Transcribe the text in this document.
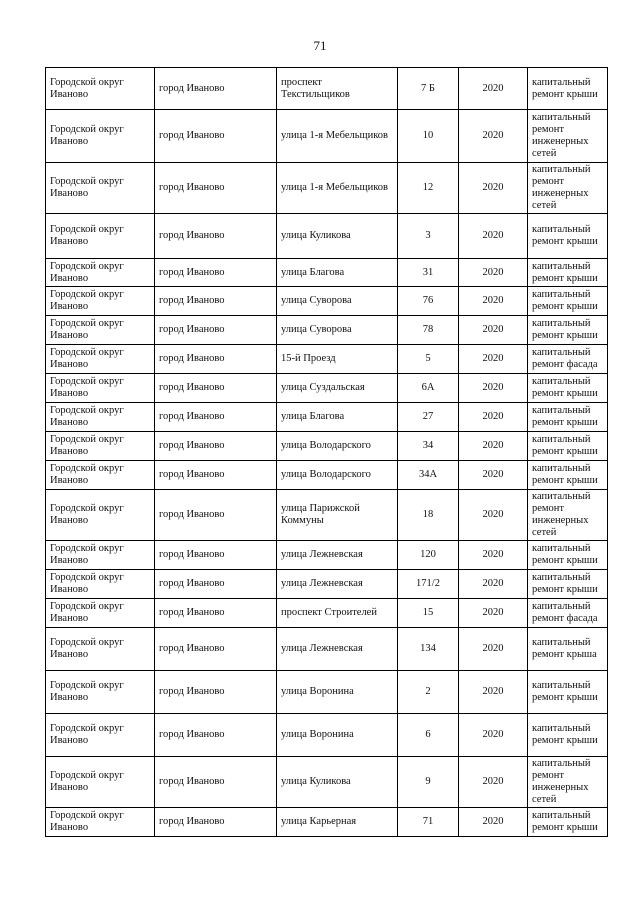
71
Городской округ Иваново	город Иваново	проспект Текстильщиков	7 Б	2020	капитальный ремонт крыши
Городской округ Иваново	город Иваново	улица 1-я Мебельщиков	10	2020	капитальный ремонт инженерных сетей
Городской округ Иваново	город Иваново	улица 1-я Мебельщиков	12	2020	капитальный ремонт инженерных сетей
Городской округ Иваново	город Иваново	улица Куликова	3	2020	капитальный ремонт крыши
Городской округ Иваново	город Иваново	улица Благова	31	2020	капитальный ремонт крыши
Городской округ Иваново	город Иваново	улица Суворова	76	2020	капитальный ремонт крыши
Городской округ Иваново	город Иваново	улица Суворова	78	2020	капитальный ремонт крыши
Городской округ Иваново	город Иваново	15-й Проезд	5	2020	капитальный ремонт фасада
Городской округ Иваново	город Иваново	улица Суздальская	6А	2020	капитальный ремонт крыши
Городской округ Иваново	город Иваново	улица Благова	27	2020	капитальный ремонт крыши
Городской округ Иваново	город Иваново	улица Володарского	34	2020	капитальный ремонт крыши
Городской округ Иваново	город Иваново	улица Володарского	34А	2020	капитальный ремонт крыши
Городской округ Иваново	город Иваново	улица Парижской Коммуны	18	2020	капитальный ремонт инженерных сетей
Городской округ Иваново	город Иваново	улица Лежневская	120	2020	капитальный ремонт крыши
Городской округ Иваново	город Иваново	улица Лежневская	171/2	2020	капитальный ремонт крыши
Городской округ Иваново	город Иваново	проспект Строителей	15	2020	капитальный ремонт фасада
Городской округ Иваново	город Иваново	улица Лежневская	134	2020	капитальный ремонт крыша
Городской округ Иваново	город Иваново	улица Воронина	2	2020	капитальный ремонт крыши
Городской округ Иваново	город Иваново	улица Воронина	6	2020	капитальный ремонт крыши
Городской округ Иваново	город Иваново	улица Куликова	9	2020	капитальный ремонт инженерных сетей
Городской округ Иваново	город Иваново	улица Карьерная	71	2020	капитальный ремонт крыши
